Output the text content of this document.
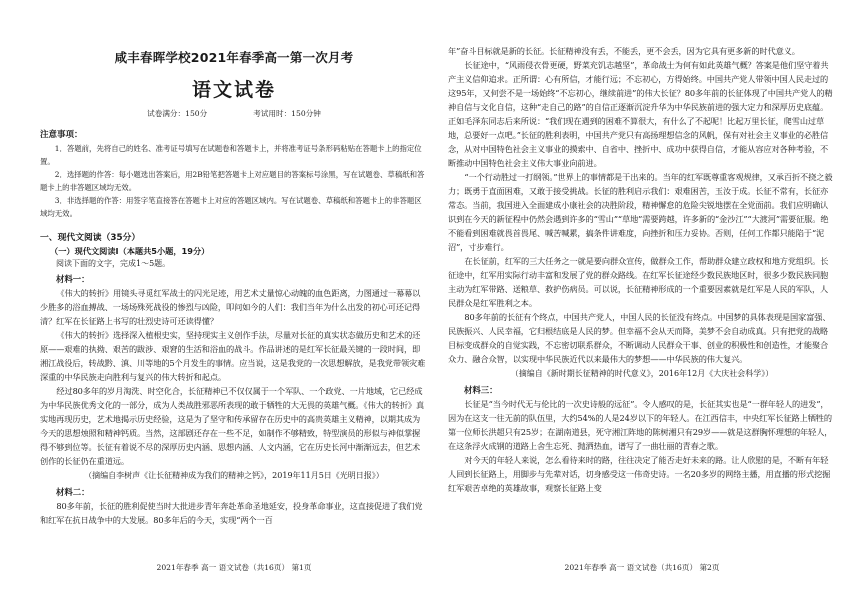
咸丰春晖学校2021年春季高一第一次月考
语文试卷
试卷满分：150分	考试用时：150分钟
注意事项：

1．答题前，先将自己的姓名、准考证号填写在试题卷和答题卡上，并将准考证号条形码粘贴在答题卡上的指定位置。

2．选择题的作答：每小题选出答案后，用2B铅笔把答题卡上对应题目的答案标号涂黑，写在试题卷、草稿纸和答题卡上的非答题区域均无效。

3．非选择题的作答：用签字笔直接答在答题卡上对应的答题区域内。写在试题卷、草稿纸和答题卡上的非答题区域均无效。

一、现代文阅读（35分）
（一）现代文阅读Ⅰ（本题共5小题，19分）
阅读下面的文字，完成1～5题。
材料一：

《伟大的转折》用镜头寻觅红军战士的闪光足迹，用艺术丈量惊心动魄的血色距离，力图通过一幕幕以少胜多的浴血搏战、一场场殊死战役的惨烈与凶险，叩问如今的人们：我们当年为什么出发的初心可还记得清？红军在长征路上书写的壮烈史诗可还读得懂？

《伟大的转折》选择深入植根史实，坚持现实主义创作手法，尽量对长征的真实状态做历史和艺术的还原——艰难的执拗、艰苦的跋涉、艰窘的生活和浴血的战斗。作品讲述的是红军长征最关键的一段时间，即湘江战役后，转战黔、滇、川等地的5个月发生的事情。应当说，这是我党的一次思想解放，是我党带领灾难深重的中华民族走向胜利与复兴的伟大转折和起点。

经过80多年的岁月淘洗、时空化合，长征精神已不仅仅属于一个军队、一个政党、一片地域，它已经成为中华民族优秀文化的一部分，成为人类战胜邪恶所表现的敢于牺牲的大无畏的英雄气概。《伟大的转折》真实地再现历史，艺术地揭示历史经验，这是为了坚守和传承留存在历史中的高贵英雄主义精神，以期其成为今天的思想烛照和精神钙质。当然，这部剧还存在一些不足，如制作不够精致，特型演员的形似与神似掌握得不够到位等。长征有着说不尽的深厚历史内涵、思想内涵、人文内涵，它在历史长河中渐渐远去，但艺术创作的长征仍在重道远。

（摘编自李树声《让长征精神成为我们的精神之钙》，2019年11月5日《光明日报》）
材料二：

80多年前，长征的胜利促使当时大批进步青年奔赴革命圣地延安，投身革命事业，这直接促进了我们党和红军在抗日战争中的大发展。80多年后的今天，实现“两个一百

2021年春季 高一 语文试卷（共16页） 第1页

年”奋斗目标就是新的长征。长征精神没有丢，不能丢，更不会丢，因为它具有更多新的时代意义。

长征途中，“风雨侵衣骨更硬，野菜充饥志越坚”，革命战士为何有如此英雄气概？答案是他们坚守着共产主义信仰追求。正所谓：心有所信，才能行远；不忘初心，方得始终。中国共产党人带领中国人民走过的这95年，又何尝不是一场始终“不忘初心，继续前进”的伟大长征？80多年前的长征体现了中国共产党人的精神自信与文化自信，这种“走自己的路”的自信正逐渐沉淀升华为中华民族前进的强大定力和深厚历史底蕴。正如毛泽东同志后来所说：“我们现在遇到的困难不算很大，有什么了不起呢！比起万里长征，爬雪山过草地，总要好一点吧。”长征的胜利表明，中国共产党只有高扬理想信念的风帆，保有对社会主义事业的必胜信念，从对中国特色社会主义事业的摸索中、自省中、挫折中、成功中获得自信，才能从容应对各种考验，不断推动中国特色社会主义伟大事业向前进。

“一个行动胜过一打纲领。”世界上的事情都是干出来的。当年的红军既尊重客观规律，又承百折不挠之毅力；既勇于直面困难，又敢于接受挑战。长征的胜利启示我们：艰难困苦，玉汝于成。长征不常有，长征亦常态。当前，我国进入全面建成小康社会的决胜阶段，精神懈怠的危险尖锐地摆在全党面前。我们应明确认识到在今天的新征程中仍然会遇到许多的“雪山”“草地”需要跨越，许多新的“金沙江”“大渡河”需要征服。绝不能看到困难就畏首畏尾、喊苦喊累，搞条件讲难度，向挫折和压力妥协。否则，任何工作都只能陷于“泥沼”，寸步难行。

在长征前，红军的三大任务之一就是要向群众宣传，做群众工作，帮助群众建立政权和地方党组织。长征途中，红军用实际行动丰富和发展了党的群众路线。在红军长征途经少数民族地区时，很多少数民族同胞主动为红军带路、送粮草、救护伤病员。可以说，长征精神形成的一个重要因素就是红军是人民的军队，人民群众是红军胜利之本。

80多年前的长征有个终点，中国共产党人，中国人民的长征没有终点。中国梦的具体表现是国家富强、民族振兴、人民幸福，它归根结底是人民的梦。但幸福不会从天而降，美梦不会自动成真。只有把党的战略目标变成群众的自觉实践，不忘密切联系群众，不断调动人民群众干事、创业的积极性和创造性，才能聚合众力、融合众智，以实现中华民族近代以来最伟大的梦想——中华民族的伟大复兴。

（摘编自《新时期长征精神的时代意义》，2016年12月《大庆社会科学》）
材料三：

长征是“当今时代无与伦比的一次史诗般的远征”。令人感叹的是，长征其实也是“一群年轻人的进发”，因为在这支一往无前的队伍里，大约54%的人是24岁以下的年轻人。在江西信丰，中央红军长征路上牺牲的第一位师长洪超只有25岁；在湖南道县，死守湘江阵地的陈树湘只有29岁——就是这群胸怀理想的年轻人，在这条浮火成钢的道路上舍生忘死、抛洒热血，谱写了一曲壮丽的青春之歌。

对今天的年轻人来说，怎么看待来时的路，往往决定了能否走好未来的路。让人欣慰的是，不断有年轻人回到长征路上，用脚步与先辈对话，切身感受这一伟奇史诗。一名20多岁的网络主播，用直播的形式挖掘红军艰苦卓绝的英雄故事，观察长征路上变

2021年春季 高一 语文试卷（共16页） 第2页
